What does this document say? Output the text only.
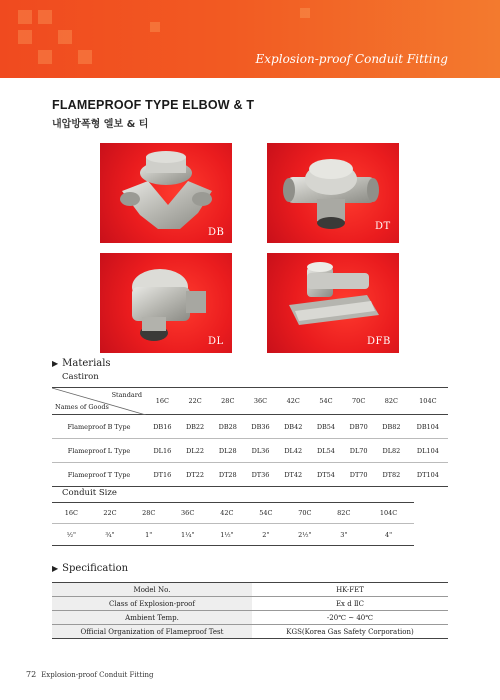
Explosion-proof Conduit Fitting
FLAMEPROOF TYPE ELBOW & T
내압방폭형 엘보 & 티
DB
DT
DL	DFB
▶ Materials
Castiron
Standard
Names of Goods	16C	22C	28C	36C	42C	54C	70C	82C	104C
Flameproof B Type	DB16	DB22	DB28	DB36	DB42	DB54	DB70	DB82	DB104
Flameproof L Type	DL16	DL22	DL28	DL36	DL42	DL54	DL70	DL82	DL104
Flameproof T Type	DT16	DT22	DT28	DT36	DT42	DT54	DT70	DT82	DT104
Conduit Size
16C	22C	28C	36C	42C	54C	70C	82C	104C
½"	¾"	1"	1¼"	1½"	2"	2½"	3"	4"
▶ Specification
Model No.	HK-FET
Class of Explosion-proof	Ex d ⅡC
Ambient Temp.	-20℃ ~ 40℃
Official Organization of Flameproof Test	KGS(Korea Gas Safety Corporation)
72 Explosion-proof Conduit Fitting
